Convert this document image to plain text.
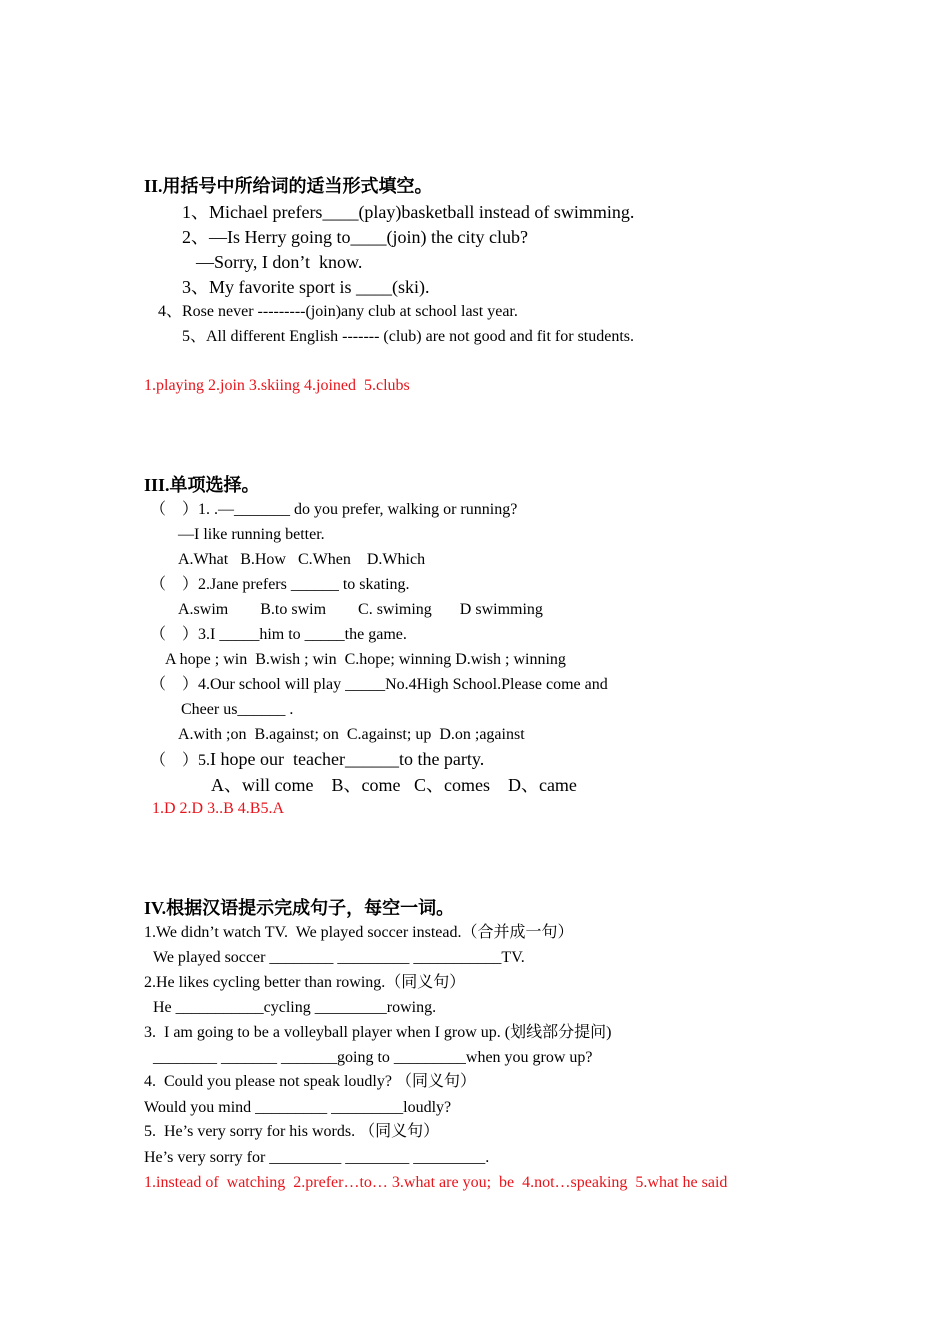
II.用括号中所给词的适当形式填空。
1、Michael prefers____(play)basketball instead of swimming.
2、—Is Herry going to____(join) the city club?
—Sorry, I don’t  know.
3、My favorite sport is ____(ski).
4、Rose never ---------(join)any club at school last year.
5、All different English ------- (club) are not good and fit for students.
1.playing 2.join 3.skiing 4.joined  5.clubs
III.单项选择。
（    ）1. .—_______ do you prefer, walking or running?
—I like running better.
A.What   B.How   C.When    D.Which
（    ）2.Jane prefers ______ to skating.
A.swim        B.to swim        C. swiming       D swimming
（    ）3.I _____him to _____the game.
A hope ; win  B.wish ; win  C.hope; winning D.wish ; winning
（    ）4.Our school will play _____No.4High School.Please come and
Cheer us______ .
A.with ;on  B.against; on  C.against; up  D.on ;against
（    ）5.I hope our  teacher______to the party.
A、will come    B、come   C、comes    D、came
1.D 2.D 3..B 4.B5.A
IV.根据汉语提示完成句子，每空一词。
1.We didn’t watch TV.  We played soccer instead.（合并成一句）
We played soccer ________ _________ ___________TV.
2.He likes cycling better than rowing.（同义句）
He ___________cycling _________rowing.
3.  I am going to be a volleyball player when I grow up. (划线部分提问)
________ _______ _______going to _________when you grow up?
4.  Could you please not speak loudly? （同义句）
Would you mind _________ _________loudly?
5.  He’s very sorry for his words. （同义句）
He’s very sorry for _________ ________ _________.
1.instead of  watching  2.prefer…to… 3.what are you;  be  4.not…speaking  5.what he said
